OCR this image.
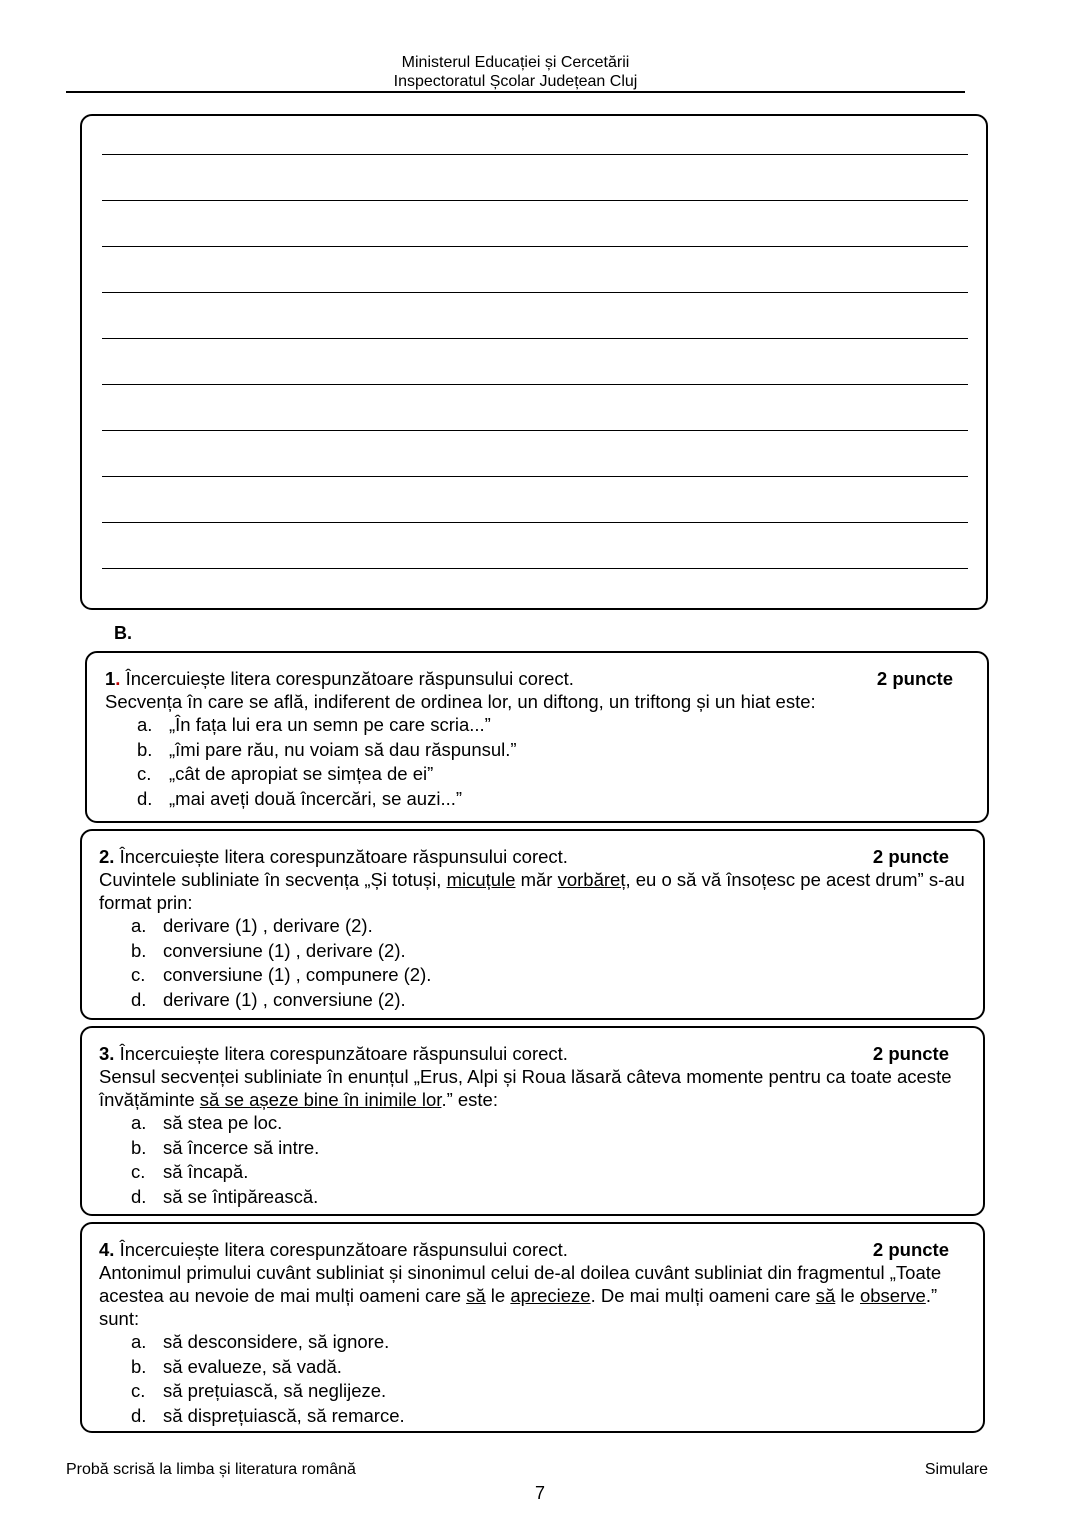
Ministerul Educației și Cercetării
Inspectoratul Școlar Județean Cluj
B.
1. Încercuiește litera corespunzătoare răspunsului corect.	2 puncte
Secvența în care se află, indiferent de ordinea lor, un diftong, un triftong și un hiat este:
a. „În fața lui era un semn pe care scria...”
b. „îmi pare rău, nu voiam să dau răspunsul.”
c. „cât de apropiat se simțea de ei”
d. „mai aveți două încercări, se auzi...”
2. Încercuiește litera corespunzătoare răspunsului corect.	2 puncte
Cuvintele subliniate în secvența „Și totuși, micuțule măr vorbăreț, eu o să vă însoțesc pe acest drum” s-au format prin:
a. derivare (1) , derivare (2).
b. conversiune (1) , derivare (2).
c. conversiune (1) , compunere (2).
d. derivare (1) , conversiune (2).
3. Încercuiește litera corespunzătoare răspunsului corect.	2 puncte
Sensul secvenței subliniate în enunțul „Erus, Alpi și Roua lăsară câteva momente pentru ca toate aceste învățăminte să se așeze bine în inimile lor.” este:
a. să stea pe loc.
b. să încerce să intre.
c. să încapă.
d. să se întipărească.
4. Încercuiește litera corespunzătoare răspunsului corect.	2 puncte
Antonimul primului cuvânt subliniat și sinonimul celui de-al doilea cuvânt subliniat din fragmentul „Toate acestea au nevoie de mai mulți oameni care să le aprecieze. De mai mulți oameni care să le observe.” sunt:
a. să desconsidere, să ignore.
b. să evalueze, să vadă.
c. să prețuiască, să neglijeze.
d. să disprețuiască, să remarce.
Probă scrisă la limba și literatura română	Simulare
7
